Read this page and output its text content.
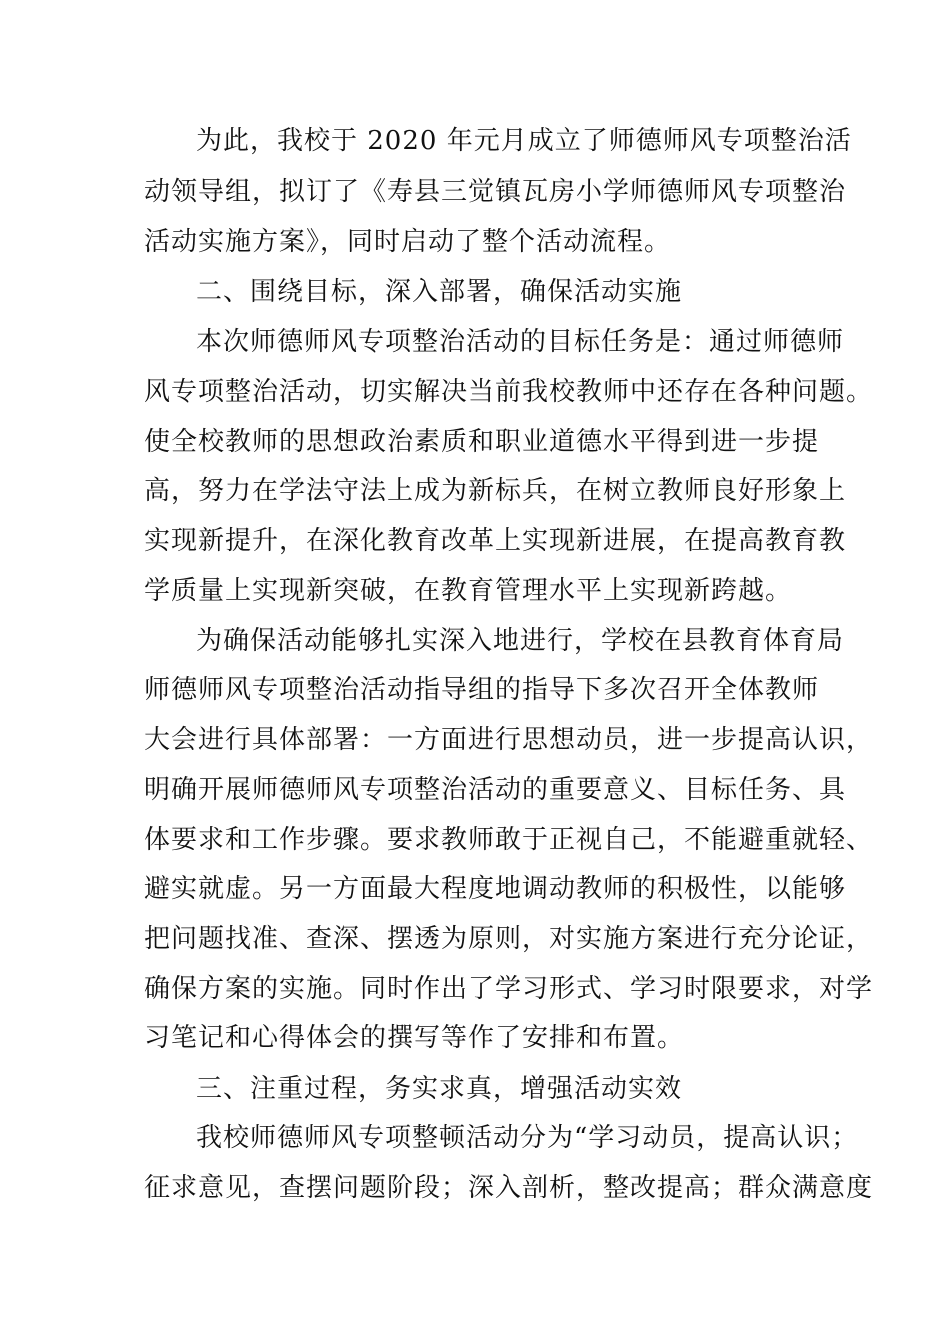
为此，我校于 2020 年元月成立了师德师风专项整治活
动领导组，拟订了《寿县三觉镇瓦房小学师德师风专项整治
活动实施方案》，同时启动了整个活动流程。
二、围绕目标，深入部署，确保活动实施
本次师德师风专项整治活动的目标任务是：通过师德师
风专项整治活动，切实解决当前我校教师中还存在各种问题。
使全校教师的思想政治素质和职业道德水平得到进一步提
高，努力在学法守法上成为新标兵，在树立教师良好形象上
实现新提升，在深化教育改革上实现新进展，在提高教育教
学质量上实现新突破，在教育管理水平上实现新跨越。
为确保活动能够扎实深入地进行，学校在县教育体育局
师德师风专项整治活动指导组的指导下多次召开全体教师
大会进行具体部署：一方面进行思想动员，进一步提高认识，
明确开展师德师风专项整治活动的重要意义、目标任务、具
体要求和工作步骤。要求教师敢于正视自己，不能避重就轻、
避实就虚。另一方面最大程度地调动教师的积极性，以能够
把问题找准、查深、摆透为原则，对实施方案进行充分论证，
确保方案的实施。同时作出了学习形式、学习时限要求，对学
习笔记和心得体会的撰写等作了安排和布置。
三、注重过程，务实求真，增强活动实效
我校师德师风专项整顿活动分为“学习动员，提高认识；
征求意见，查摆问题阶段；深入剖析，整改提高；群众满意度
